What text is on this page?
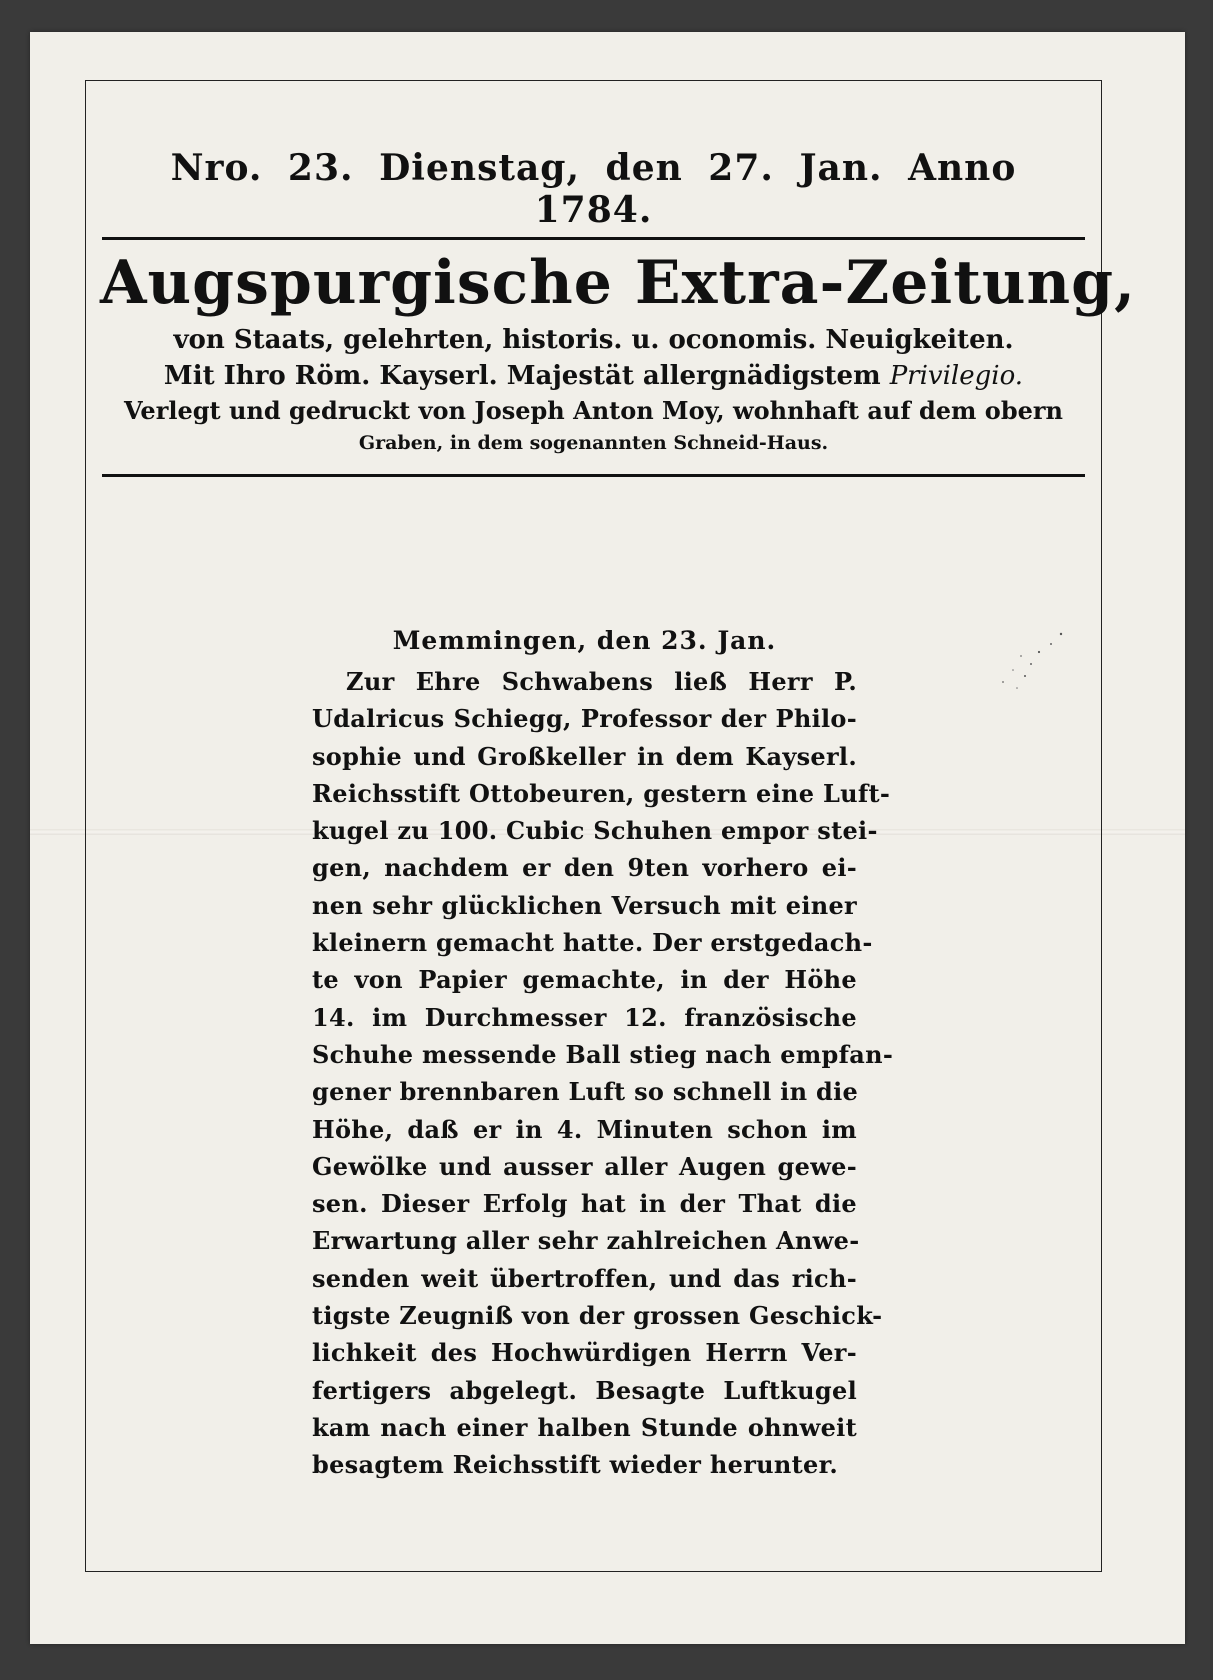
Nro. 23. Dienstag, den 27. Jan. Anno 1784.
Augspurgische Extra-Zeitung,
von Staats, gelehrten, historis. u. oconomis. Neuigkeiten.
Mit Ihro Röm. Kayserl. Majestät allergnädigstem Privilegio.
Verlegt und gedruckt von Joseph Anton Moy, wohnhaft auf dem obern
Graben, in dem sogenannten Schneid-Haus.
Memmingen, den 23. Jan.
Zur Ehre Schwabens ließ Herr P.
Udalricus Schiegg, Professor der Philo-
sophie und Großkeller in dem Kayserl.
Reichsstift Ottobeuren, gestern eine Luft-
kugel zu 100. Cubic Schuhen empor stei-
gen, nachdem er den 9ten vorhero ei-
nen sehr glücklichen Versuch mit einer
kleinern gemacht hatte. Der erstgedach-
te von Papier gemachte, in der Höhe
14. im Durchmesser 12. französische
Schuhe messende Ball stieg nach empfan-
gener brennbaren Luft so schnell in die
Höhe, daß er in 4. Minuten schon im
Gewölke und ausser aller Augen gewe-
sen. Dieser Erfolg hat in der That die
Erwartung aller sehr zahlreichen Anwe-
senden weit übertroffen, und das rich-
tigste Zeugniß von der grossen Geschick-
lichkeit des Hochwürdigen Herrn Ver-
fertigers abgelegt. Besagte Luftkugel
kam nach einer halben Stunde ohnweit
besagtem Reichsstift wieder herunter.
